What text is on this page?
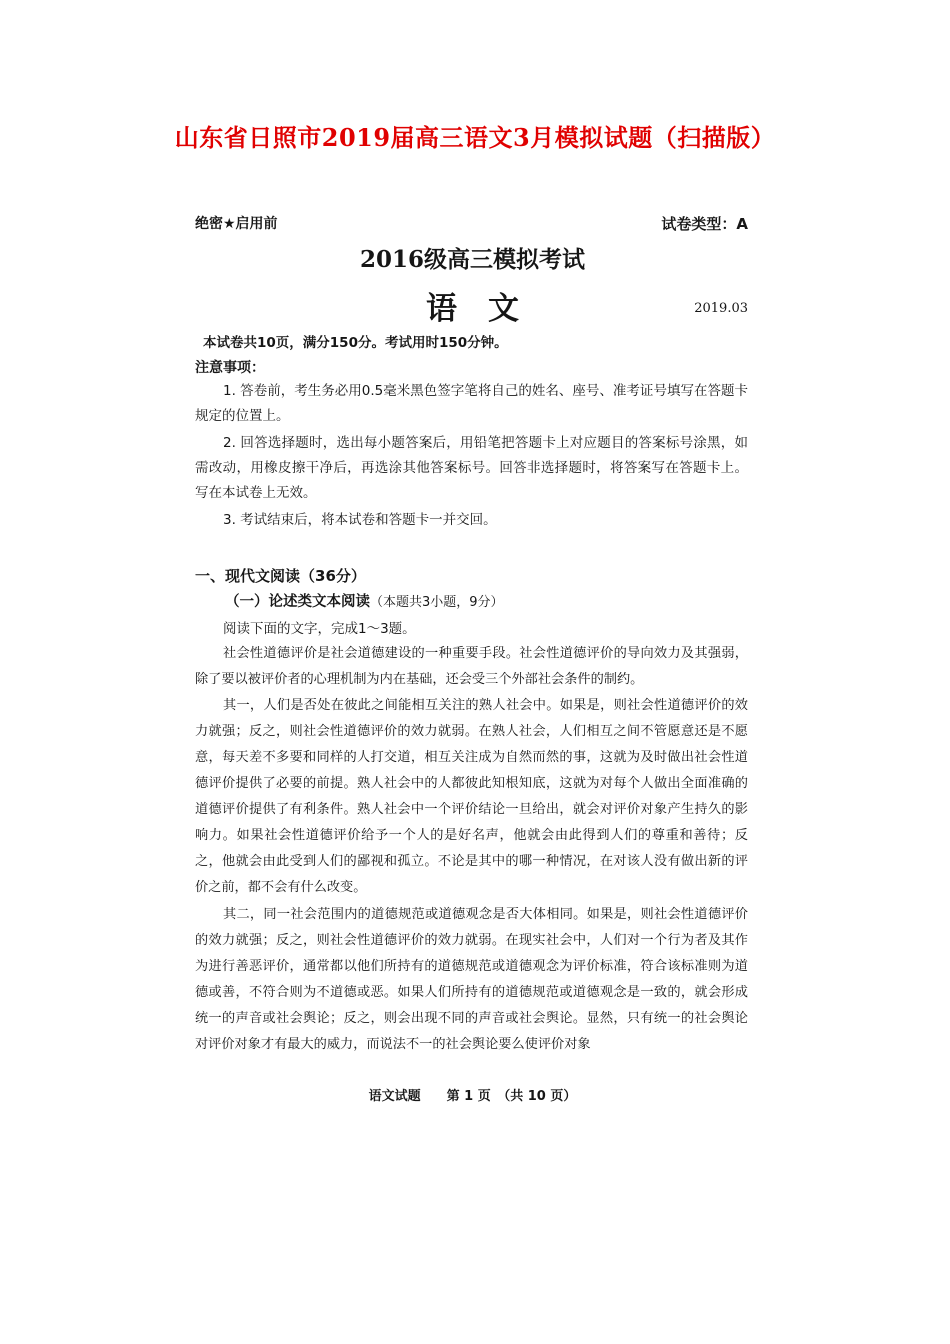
山东省日照市2019届高三语文3月模拟试题（扫描版）
绝密★启用前	试卷类型：A
2016级高三模拟考试
语　文	2019.03
本试卷共10页，满分150分。考试用时150分钟。
注意事项：
1. 答卷前，考生务必用0.5毫米黑色签字笔将自己的姓名、座号、准考证号填写在答题卡规定的位置上。
2. 回答选择题时，选出每小题答案后，用铅笔把答题卡上对应题目的答案标号涂黑，如需改动，用橡皮擦干净后，再选涂其他答案标号。回答非选择题时，将答案写在答题卡上。写在本试卷上无效。
3. 考试结束后，将本试卷和答题卡一并交回。
一、现代文阅读（36分）
（一）论述类文本阅读（本题共3小题，9分）
阅读下面的文字，完成1～3题。
社会性道德评价是社会道德建设的一种重要手段。社会性道德评价的导向效力及其强弱，除了要以被评价者的心理机制为内在基础，还会受三个外部社会条件的制约。
其一，人们是否处在彼此之间能相互关注的熟人社会中。如果是，则社会性道德评价的效力就强；反之，则社会性道德评价的效力就弱。在熟人社会，人们相互之间不管愿意还是不愿意，每天差不多要和同样的人打交道，相互关注成为自然而然的事，这就为及时做出社会性道德评价提供了必要的前提。熟人社会中的人都彼此知根知底，这就为对每个人做出全面准确的道德评价提供了有利条件。熟人社会中一个评价结论一旦给出，就会对评价对象产生持久的影响力。如果社会性道德评价给予一个人的是好名声，他就会由此得到人们的尊重和善待；反之，他就会由此受到人们的鄙视和孤立。不论是其中的哪一种情况，在对该人没有做出新的评价之前，都不会有什么改变。
其二，同一社会范围内的道德规范或道德观念是否大体相同。如果是，则社会性道德评价的效力就强；反之，则社会性道德评价的效力就弱。在现实社会中，人们对一个行为者及其作为进行善恶评价，通常都以他们所持有的道德规范或道德观念为评价标准，符合该标准则为道德或善，不符合则为不道德或恶。如果人们所持有的道德规范或道德观念是一致的，就会形成统一的声音或社会舆论；反之，则会出现不同的声音或社会舆论。显然，只有统一的社会舆论对评价对象才有最大的威力，而说法不一的社会舆论要么使评价对象
语文试题　　第 1 页　（共 10 页）
